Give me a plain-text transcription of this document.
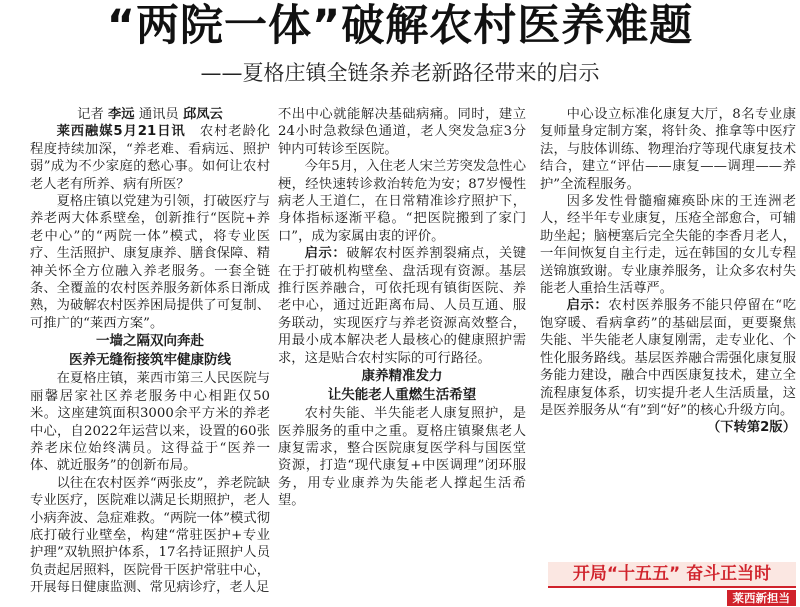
“两院一体”破解农村医养难题
——夏格庄镇全链条养老新路径带来的启示

记者 李远 通讯员 邱凤云

莱西融媒5月21日讯　 农村老龄化程度持续加深，“养老难、看病远、照护弱”成为不少家庭的愁心事。如何让农村老人老有所养、病有所医？

夏格庄镇以党建为引领，打破医疗与养老两大体系壁垒，创新推行“医院+养老中心”的“两院一体”模式，将专业医疗、生活照护、康复康养、膳食保障、精神关怀全方位融入养老服务。一套全链条、全覆盖的农村医养服务新体系日渐成熟，为破解农村医养困局提供了可复制、可推广的“莱西方案”。

一墙之隔双向奔赴

医养无缝衔接筑牢健康防线

在夏格庄镇，莱西市第三人民医院与丽馨居家社区养老服务中心相距仅50米。这座建筑面积3000余平方米的养老中心，自2022年运营以来，设置的60张养老床位始终满员。这得益于“医养一体、就近服务”的创新布局。

以往在农村医养“两张皮”，养老院缺专业医疗，医院难以满足长期照护，老人小病奔波、急症难救。“两院一体”模式彻底打破行业壁垒，构建“常驻医护+专业护理”双轨照护体系，17名持证照护人员负责起居照料，医院骨干医护常驻中心，开展每日健康监测、常见病诊疗，老人足

不出中心就能解决基础病痛。同时，建立24小时急救绿色通道，老人突发急症3分钟内可转诊至医院。

今年5月，入住老人宋兰芳突发急性心梗，经快速转诊救治转危为安；87岁慢性病老人王道仁，在日常精准诊疗照护下，身体指标逐渐平稳。“把医院搬到了家门口”，成为家属由衷的评价。

启示：破解农村医养割裂痛点，关键在于打破机构壁垒、盘活现有资源。基层推行医养融合，可依托现有镇街医院、养老中心，通过近距离布局、人员互通、服务联动，实现医疗与养老资源高效整合，用最小成本解决老人最核心的健康照护需求，这是贴合农村实际的可行路径。

康养精准发力

让失能老人重燃生活希望

农村失能、半失能老人康复照护，是医养服务的重中之重。夏格庄镇聚焦老人康复需求，整合医院康复医学科与国医堂资源，打造“现代康复+中医调理”闭环服务，用专业康养为失能老人撑起生活希望。

中心设立标准化康复大厅，8名专业康复师量身定制方案，将针灸、推拿等中医疗法，与肢体训练、物理治疗等现代康复技术结合，建立“评估——康复——调理——养护”全流程服务。

因多发性骨髓瘤瘫痪卧床的王连洲老人，经半年专业康复，压疮全部愈合，可辅助坐起；脑梗塞后完全失能的李香月老人，一年间恢复自主行走，远在韩国的女儿专程送锦旗致谢。专业康养服务，让众多农村失能老人重拾生活尊严。

启示：农村医养服务不能只停留在“吃饱穿暖、看病拿药”的基础层面，更要聚焦失能、半失能老人康复刚需，走专业化、个性化服务路线。基层医养融合需强化康复服务能力建设，融合中西医康复技术，建立全流程康复体系，切实提升老人生活质量，这是医养服务从“有”到“好”的核心升级方向。

（下转第2版）

开局“十五五” 奋斗正当时
莱西新担当
